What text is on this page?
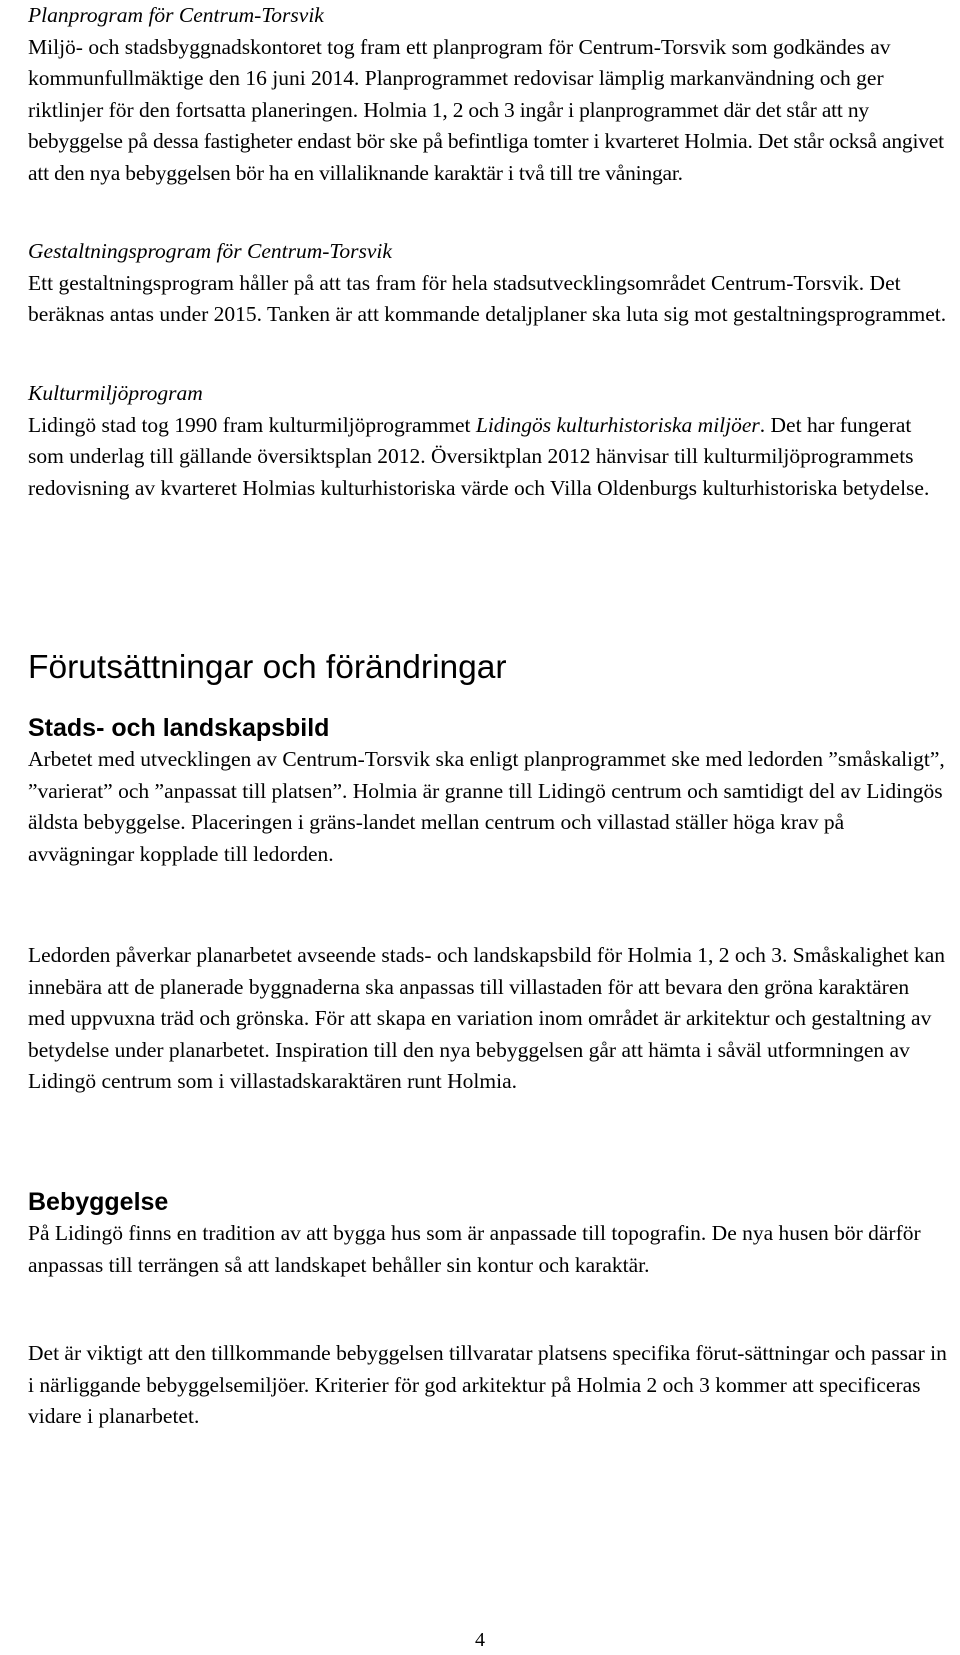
Planprogram för Centrum-Torsvik

Miljö- och stadsbyggnadskontoret tog fram ett planprogram för Centrum-Torsvik som godkändes av kommunfullmäktige den 16 juni 2014. Planprogrammet redovisar lämplig markanvändning och ger riktlinjer för den fortsatta planeringen. Holmia 1, 2 och 3 ingår i planprogrammet där det står att ny bebyggelse på dessa fastigheter endast bör ske på befintliga tomter i kvarteret Holmia. Det står också angivet att den nya bebyggelsen bör ha en villaliknande karaktär i två till tre våningar.

Gestaltningsprogram för Centrum-Torsvik

Ett gestaltningsprogram håller på att tas fram för hela stadsutvecklingsområdet Centrum-Torsvik. Det beräknas antas under 2015. Tanken är att kommande detaljplaner ska luta sig mot gestaltningsprogrammet.

Kulturmiljöprogram

Lidingö stad tog 1990 fram kulturmiljöprogrammet Lidingös kulturhistoriska miljöer. Det har fungerat som underlag till gällande översiktsplan 2012. Översiktplan 2012 hänvisar till kulturmiljöprogrammets redovisning av kvarteret Holmias kulturhistoriska värde och Villa Oldenburgs kulturhistoriska betydelse.

Förutsättningar och förändringar
Stads- och landskapsbild

Arbetet med utvecklingen av Centrum-Torsvik ska enligt planprogrammet ske med ledorden ”småskaligt”, ”varierat” och ”anpassat till platsen”. Holmia är granne till Lidingö centrum och samtidigt del av Lidingös äldsta bebyggelse. Placeringen i gräns-landet mellan centrum och villastad ställer höga krav på avvägningar kopplade till ledorden.

Ledorden påverkar planarbetet avseende stads- och landskapsbild för Holmia 1, 2 och 3. Småskalighet kan innebära att de planerade byggnaderna ska anpassas till villastaden för att bevara den gröna karaktären med uppvuxna träd och grönska. För att skapa en variation inom området är arkitektur och gestaltning av betydelse under planarbetet. Inspiration till den nya bebyggelsen går att hämta i såväl utformningen av Lidingö centrum som i villastadskaraktären runt Holmia.

Bebyggelse

På Lidingö finns en tradition av att bygga hus som är anpassade till topografin. De nya husen bör därför anpassas till terrängen så att landskapet behåller sin kontur och karaktär.

Det är viktigt att den tillkommande bebyggelsen tillvaratar platsens specifika förut-sättningar och passar in i närliggande bebyggelsemiljöer. Kriterier för god arkitektur på Holmia 2 och 3 kommer att specificeras vidare i planarbetet.

4
